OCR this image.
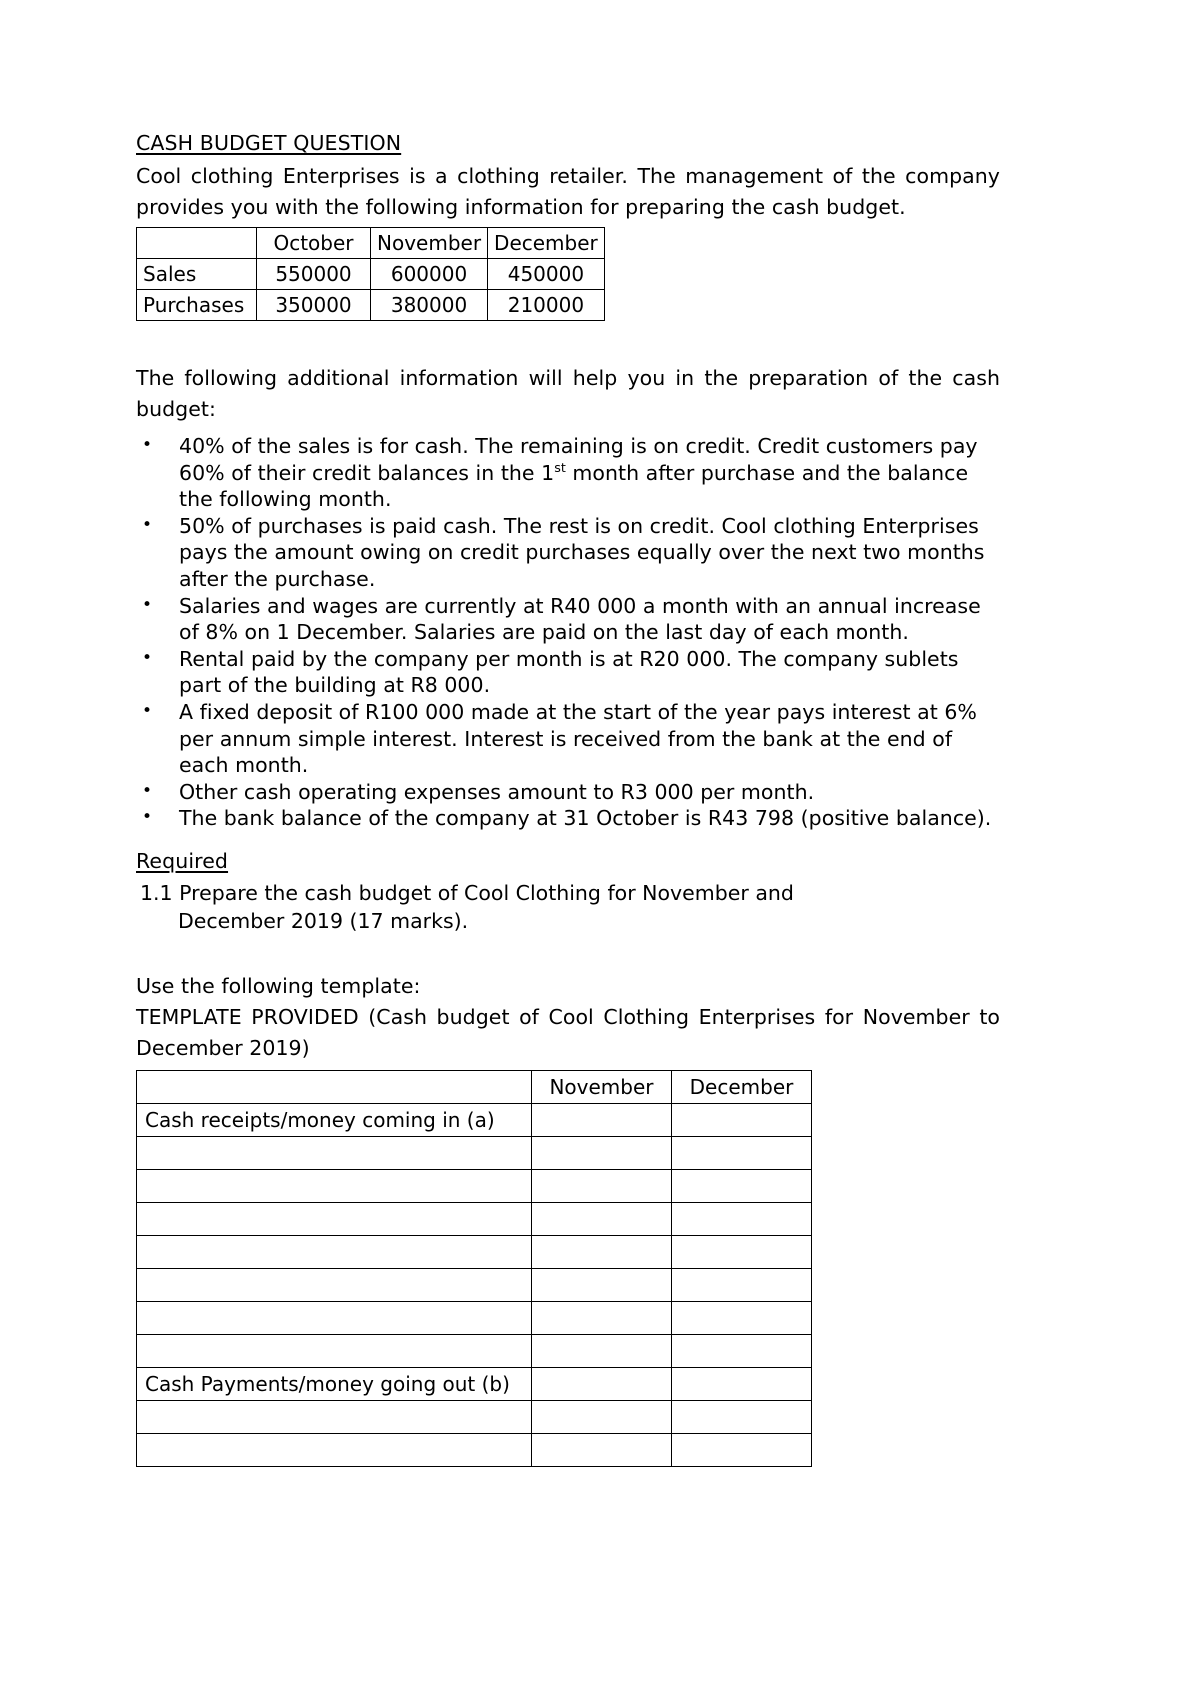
CASH BUDGET QUESTION

Cool clothing Enterprises is a clothing retailer. The management of the company provides you with the following information for preparing the cash budget.

	October	November	December
Sales	550000	600000	450000
Purchases	350000	380000	210000

The following additional information will help you in the preparation of the cash budget:

• 40% of the sales is for cash. The remaining is on credit. Credit customers pay 60% of their credit balances in the 1st month after purchase and the balance the following month.
• 50% of purchases is paid cash. The rest is on credit. Cool clothing Enterprises pays the amount owing on credit purchases equally over the next two months after the purchase.
• Salaries and wages are currently at R40 000 a month with an annual increase of 8% on 1 December. Salaries are paid on the last day of each month.
• Rental paid by the company per month is at R20 000. The company sublets part of the building at R8 000.
• A fixed deposit of R100 000 made at the start of the year pays interest at 6% per annum simple interest. Interest is received from the bank at the end of each month.
• Other cash operating expenses amount to R3 000 per month.
• The bank balance of the company at 31 October is R43 798 (positive balance).
Required
1.1 Prepare the cash budget of Cool Clothing for November and
December 2019 (17 marks).

Use the following template:

TEMPLATE PROVIDED (Cash budget of Cool Clothing Enterprises for November to December 2019)

	November	December
Cash receipts/money coming in (a)		

Cash Payments/money going out (b)		
